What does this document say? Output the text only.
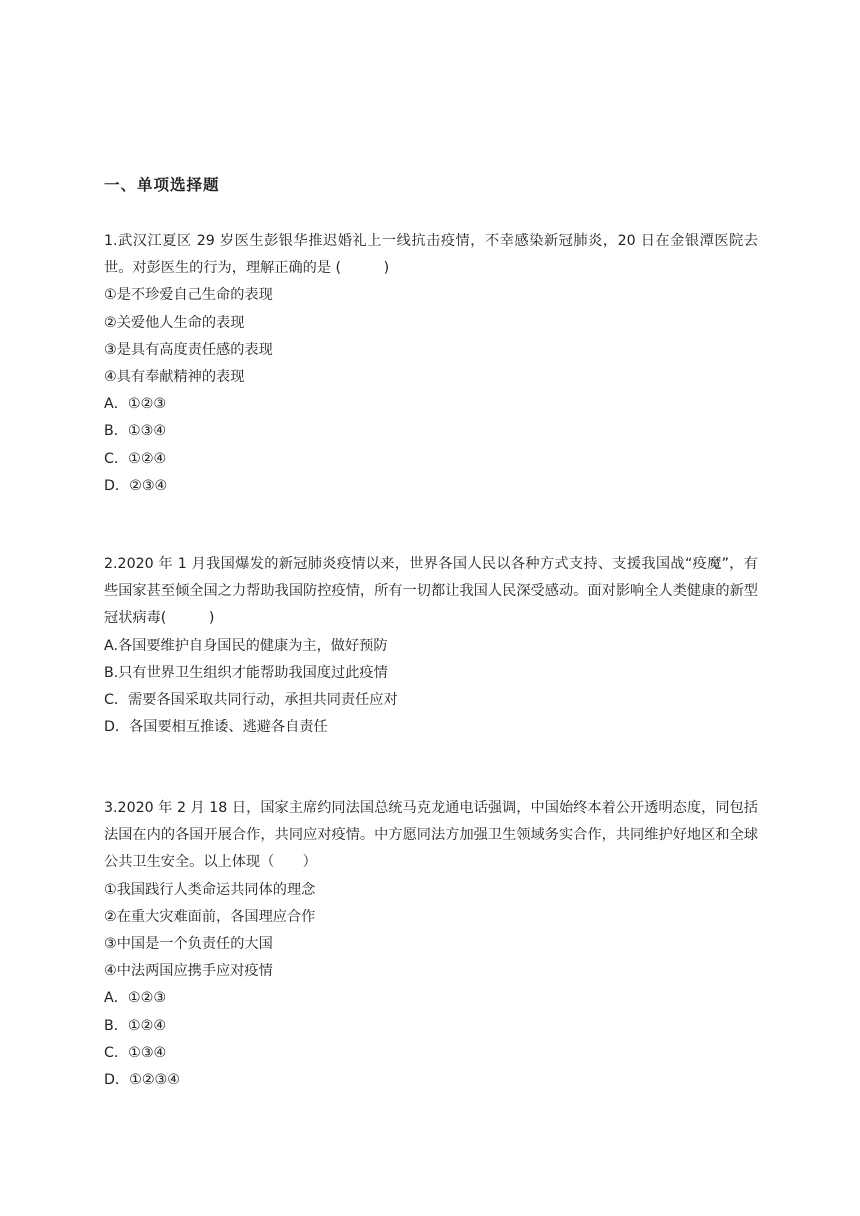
一、单项选择题
1.武汉江夏区 29 岁医生彭银华推迟婚礼上一线抗击疫情，不幸感染新冠肺炎，20 日在金银潭医院去世。对彭医生的行为，理解正确的是 (　　　)
①是不珍爱自己生命的表现
②关爱他人生命的表现
③是具有高度责任感的表现
④具有奉献精神的表现
A．①②③
B．①③④
C．①②④
D．②③④
2.2020 年 1 月我国爆发的新冠肺炎疫情以来，世界各国人民以各种方式支持、支援我国战“疫魔”，有些国家甚至倾全国之力帮助我国防控疫情，所有一切都让我国人民深受感动。面对影响全人类健康的新型冠状病毒(　　　)
A.各国要维护自身国民的健康为主，做好预防
B.只有世界卫生组织才能帮助我国度过此疫情
C．需要各国采取共同行动，承担共同责任应对
D．各国要相互推诿、逃避各自责任
3.2020 年 2 月 18 日，国家主席约同法国总统马克龙通电话强调，中国始终本着公开透明态度，同包括法国在内的各国开展合作，共同应对疫情。中方愿同法方加强卫生领域务实合作，共同维护好地区和全球公共卫生安全。以上体现（　　）
①我国践行人类命运共同体的理念
②在重大灾难面前，各国理应合作
③中国是一个负责任的大国
④中法两国应携手应对疫情
A．①②③
B．①②④
C．①③④
D．①②③④
